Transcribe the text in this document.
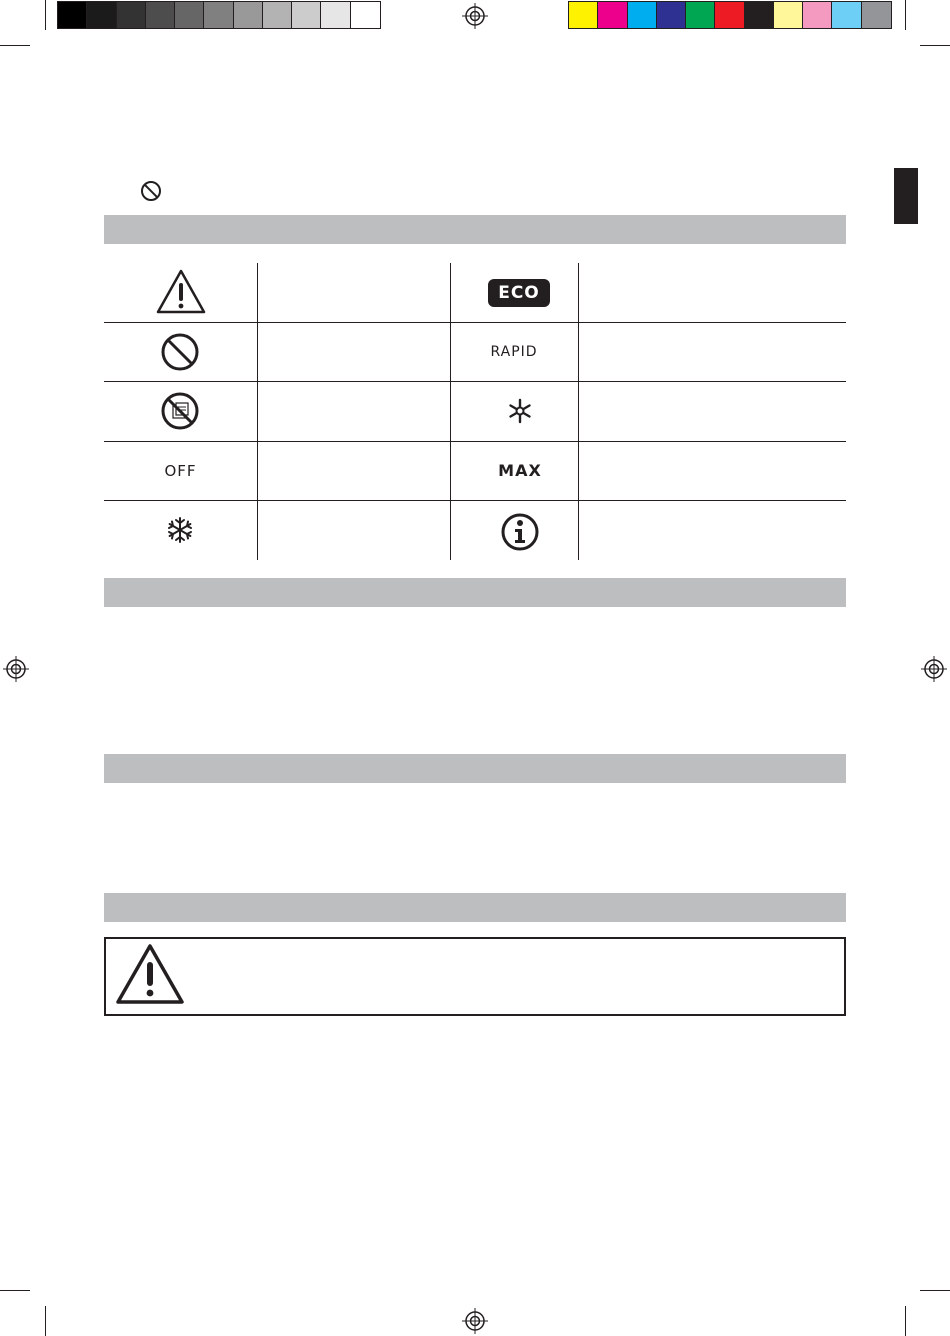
OFF
ECO
RAPID
MAX
